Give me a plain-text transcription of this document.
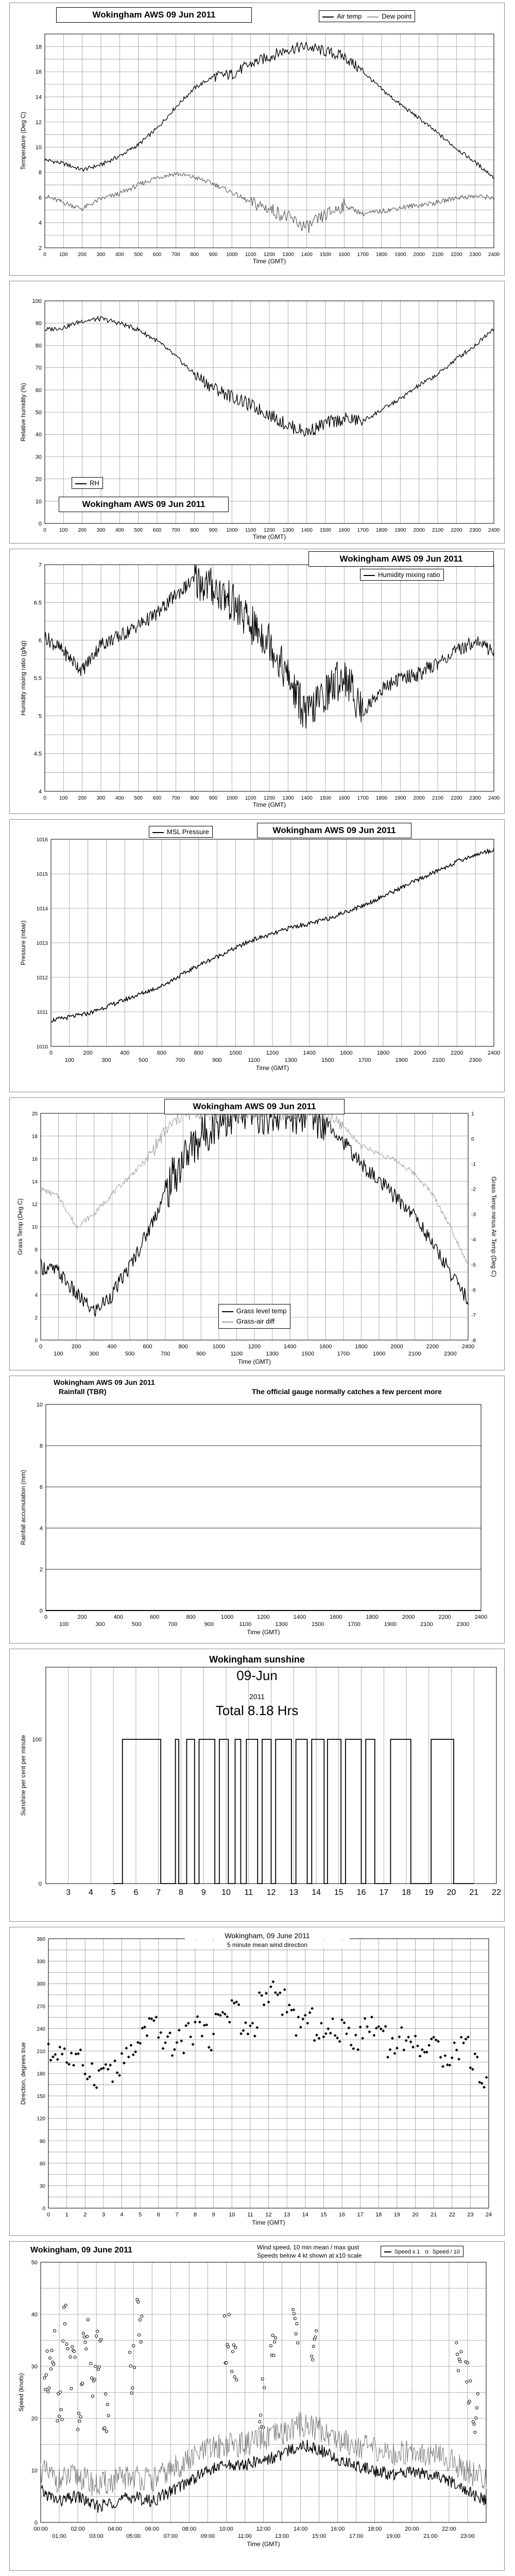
2
4
6
8
10
12
14
16
18
0	100 200 300 400 500 600 700 800 900 1000 1100 1200 1300 1400 1500 1600 1700 1800 1900 2000 2100 2200 2300 2400
Time (GMT)
Temperature (Deg C)
Wokingham AWS 09 Jun 2011	Air temp	Dew point
0
10
20
30
40
50
60
70
80
90
100
0	100 200 300 400 500 600 700 800 900 1000 1100 1200 1300 1400 1500 1600 1700 1800 1900 2000 2100 2200 2300 2400
Time (GMT)
Relative humidity (%)
RH
Wokingham AWS 09 Jun 2011
4
4.5
5
5.5
6
6.5
7
0	100 200 300 400 500 600 700 800 900 1000 1100 1200 1300 1400 1500 1600 1700 1800 1900 2000 2100 2200 2300 2400
Time (GMT)
Humidity mixing ratio (g/kg)
Wokingham AWS 09 Jun 2011
Humidity mixing ratio
1010
1011
1012
1013
1014
1015
1016
0	200	400	600	800	1000	1200	1400	1600	1800	2000	2200	2400
100	300	500	700	900	1100	1300	1500	1700	1900	2100	2300
Time (GMT)
Pressure (mbar)
MSL Pressure	Wokingham AWS 09 Jun 2011
0
2
4
6
8
10
12
14
16
18
20
-8
-7
-6
-5
-4
-3
-2
-1
0
1
0	200	400	600	800	1000	1200	1400	1600	1800	2000	2200	2400
100	300	500	700	900	1100	1300	1500	1700	1900	2100	2300
Time (GMT)
Grass Temp (Deg C)	Grass Temp minus Air Temp (Deg C)
Wokingham AWS 09 Jun 2011
Grass level temp
Grass-air diff
0
2
4
6
8
10
0	200	400	600	800	1000	1200	1400	1600	1800	2000	2200	2400
100	300	500	700	900	1100	1300	1500	1700	1900	2100	2300
Time (GMT)
Rainfall accumulation (mm)
Wokingham AWS 09 Jun 2011
Rainfall (TBR)	The official gauge normally catches a few percent more
0
100
3 4 5 6 7 8 9 10 11 12 13 14 15 16 17 18 19 20 21 22
Sunshine per cent per minute
Wokingham sunshine
09-Jun
2011
Total 8.18 Hrs
0
30
60
90
120
150
180
210
240
270
300
330
360
0	1	2	3	4	5	6	7	8	9 10 11 12 13 14 15 16 17 18 19 20 21 22 23 24
Time (GMT)
Direction, degrees true
Wokingham, 09 June 2011
5 minute mean wind direction
0
10
20
30
40
50
00:00	02:00	04:00	06:00	08:00	10:00	12:00	14:00	16:00	18:00	20:00	22:00
01:00	03:00	05:00	07:00	09:00	11:00	13:00	15:00	17:00	19:00	21:00	23:00
Time (GMT)
Speed (knots)
Wokingham, 09 June 2011	Wind speed, 10 min mean / max gust
Speeds below 4 kt shown at x10 scale	Speed x 1 o Speed / 10
